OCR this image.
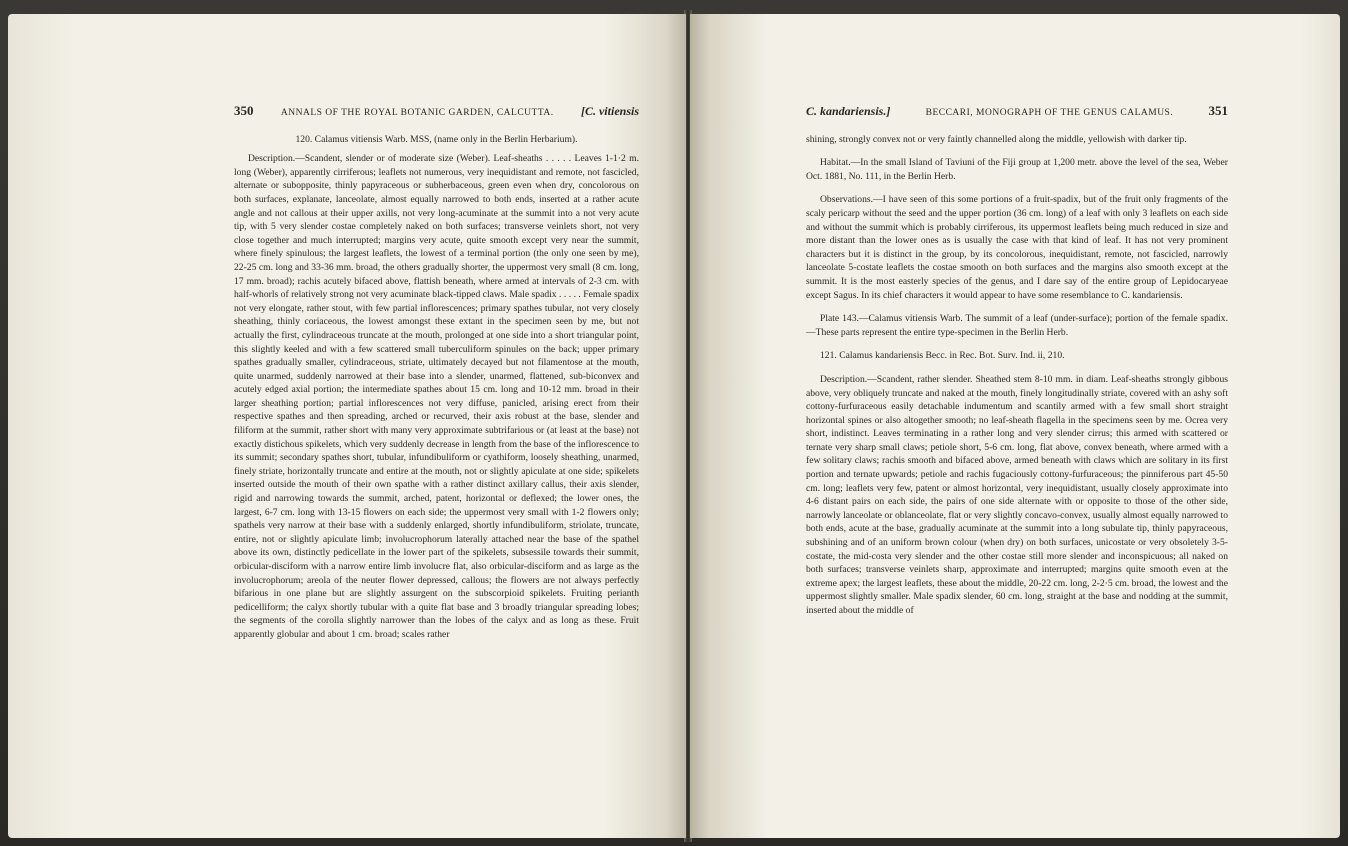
350	ANNALS OF THE ROYAL BOTANIC GARDEN, CALCUTTA. [C. vitiensis

120. Calamus vitiensis Warb. MSS, (name only in the Berlin Herbarium).

Description.—Scandent, slender or of moderate size (Weber). Leaf-sheaths . . . . . Leaves 1-1·2 m. long (Weber), apparently cirriferous; leaflets not numerous, very inequidistant and remote, not fascicled, alternate or subopposite, thinly papyraceous or subherbaceous, green even when dry, concolorous on both surfaces, explanate, lanceolate, almost equally narrowed to both ends, inserted at a rather acute angle and not callous at their upper axills, not very long-acuminate at the summit into a not very acute tip, with 5 very slender costae completely naked on both surfaces; transverse veinlets short, not very close together and much interrupted; margins very acute, quite smooth except very near the summit, where finely spinulous; the largest leaflets, the lowest of a terminal portion (the only one seen by me), 22-25 cm. long and 33-36 mm. broad, the others gradually shorter, the uppermost very small (8 cm. long, 17 mm. broad); rachis acutely bifaced above, flattish beneath, where armed at intervals of 2-3 cm. with half-whorls of relatively strong not very acuminate black-tipped claws. Male spadix . . . . . Female spadix not very elongate, rather stout, with few partial inflorescences; primary spathes tubular, not very closely sheathing, thinly coriaceous, the lowest amongst these extant in the specimen seen by me, but not actually the first, cylindraceous truncate at the mouth, prolonged at one side into a short triangular point, this slightly keeled and with a few scattered small tuberculiform spinules on the back; upper primary spathes gradually smaller, cylindraceous, striate, ultimately decayed but not filamentose at the mouth, quite unarmed, suddenly narrowed at their base into a slender, unarmed, flattened, sub-biconvex and acutely edged axial portion; the intermediate spathes about 15 cm. long and 10-12 mm. broad in their larger sheathing portion; partial inflorescences not very diffuse, panicled, arising erect from their respective spathes and then spreading, arched or recurved, their axis robust at the base, slender and filiform at the summit, rather short with many very approximate subtrifarious or (at least at the base) not exactly distichous spikelets, which very suddenly decrease in length from the base of the inflorescence to its summit; secondary spathes short, tubular, infundibuliform or cyathiform, loosely sheathing, unarmed, finely striate, horizontally truncate and entire at the mouth, not or slightly apiculate at one side; spikelets inserted outside the mouth of their own spathe with a rather distinct axillary callus, their axis slender, rigid and narrowing towards the summit, arched, patent, horizontal or deflexed; the lower ones, the largest, 6-7 cm. long with 13-15 flowers on each side; the uppermost very small with 1-2 flowers only; spathels very narrow at their base with a suddenly enlarged, shortly infundibuliform, striolate, truncate, entire, not or slightly apiculate limb; involucrophorum laterally attached near the base of the spathel above its own, distinctly pedicellate in the lower part of the spikelets, subsessile towards their summit, orbicular-disciform with a narrow entire limb involucre flat, also orbicular-disciform and as large as the involucrophorum; areola of the neuter flower depressed, callous; the flowers are not always perfectly bifarious in one plane but are slightly assurgent on the subscorpioid spikelets. Fruiting perianth pedicelliform; the calyx shortly tubular with a quite flat base and 3 broadly triangular spreading lobes; the segments of the corolla slightly narrower than the lobes of the calyx and as long as these. Fruit apparently globular and about 1 cm. broad; scales rather

C. kandariensis.]	BECCARI, MONOGRAPH OF THE GENUS CALAMUS.	351

shining, strongly convex not or very faintly channelled along the middle, yellowish with darker tip.

Habitat.—In the small Island of Taviuni of the Fiji group at 1,200 metr. above the level of the sea, Weber Oct. 1881, No. 111, in the Berlin Herb.

Observations.—I have seen of this some portions of a fruit-spadix, but of the fruit only fragments of the scaly pericarp without the seed and the upper portion (36 cm. long) of a leaf with only 3 leaflets on each side and without the summit which is probably cirriferous, its uppermost leaflets being much reduced in size and more distant than the lower ones as is usually the case with that kind of leaf. It has not very prominent characters but it is distinct in the group, by its concolorous, inequidistant, remote, not fascicled, narrowly lanceolate 5-costate leaflets the costae smooth on both surfaces and the margins also smooth except at the summit. It is the most easterly species of the genus, and I dare say of the entire group of Lepidocaryeae except Sagus. In its chief characters it would appear to have some resemblance to C. kandariensis.

Plate 143.—Calamus vitiensis Warb. The summit of a leaf (under-surface); portion of the female spadix.—These parts represent the entire type-specimen in the Berlin Herb.

121. Calamus kandariensis Becc. in Rec. Bot. Surv. Ind. ii, 210.

Description.—Scandent, rather slender. Sheathed stem 8-10 mm. in diam. Leaf-sheaths strongly gibbous above, very obliquely truncate and naked at the mouth, finely longitudinally striate, covered with an ashy soft cottony-furfuraceous easily detachable indumentum and scantily armed with a few small short straight horizontal spines or also altogether smooth; no leaf-sheath flagella in the specimens seen by me. Ocrea very short, indistinct. Leaves terminating in a rather long and very slender cirrus; this armed with scattered or ternate very sharp small claws; petiole short, 5-6 cm. long, flat above, convex beneath, where armed with a few solitary claws; rachis smooth and bifaced above, armed beneath with claws which are solitary in its first portion and ternate upwards; petiole and rachis fugaciously cottony-furfuraceous; the pinniferous part 45-50 cm. long; leaflets very few, patent or almost horizontal, very inequidistant, usually closely approximate into 4-6 distant pairs on each side, the pairs of one side alternate with or opposite to those of the other side, narrowly lanceolate or oblanceolate, flat or very slightly concavo-convex, usually almost equally narrowed to both ends, acute at the base, gradually acuminate at the summit into a long subulate tip, thinly papyraceous, subshining and of an uniform brown colour (when dry) on both surfaces, unicostate or very obsoletely 3-5-costate, the mid-costa very slender and the other costae still more slender and inconspicuous; all naked on both surfaces; transverse veinlets sharp, approximate and interrupted; margins quite smooth even at the extreme apex; the largest leaflets, these about the middle, 20-22 cm. long, 2-2·5 cm. broad, the lowest and the uppermost slightly smaller. Male spadix slender, 60 cm. long, straight at the base and nodding at the summit, inserted about the middle of
